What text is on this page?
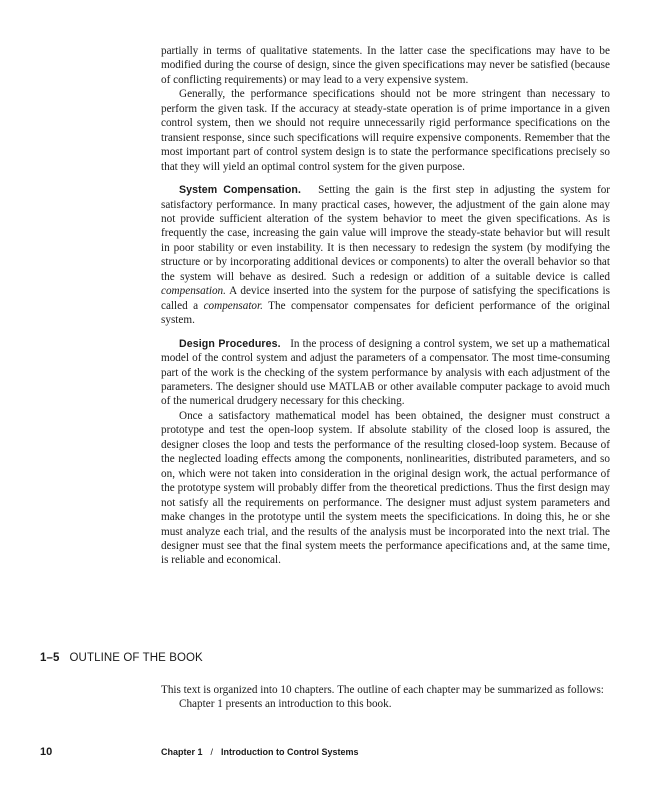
partially in terms of qualitative statements. In the latter case the specifications may have to be modified during the course of design, since the given specifications may never be satisfied (because of conflicting requirements) or may lead to a very expensive system.

Generally, the performance specifications should not be more stringent than necessary to perform the given task. If the accuracy at steady-state operation is of prime importance in a given control system, then we should not require unnecessarily rigid performance specifications on the transient response, since such specifications will require expensive components. Remember that the most important part of control system design is to state the performance specifications precisely so that they will yield an optimal control system for the given purpose.

System Compensation. Setting the gain is the first step in adjusting the system for satisfactory performance. In many practical cases, however, the adjustment of the gain alone may not provide sufficient alteration of the system behavior to meet the given specifications. As is frequently the case, increasing the gain value will improve the steady-state behavior but will result in poor stability or even instability. It is then necessary to redesign the system (by modifying the structure or by incorporating additional devices or components) to alter the overall behavior so that the system will behave as desired. Such a redesign or addition of a suitable device is called compensation. A device inserted into the system for the purpose of satisfying the specifications is called a compensator. The compensator compensates for deficient performance of the original system.

Design Procedures. In the process of designing a control system, we set up a mathematical model of the control system and adjust the parameters of a compensator. The most time-consuming part of the work is the checking of the system performance by analysis with each adjustment of the parameters. The designer should use MATLAB or other available computer package to avoid much of the numerical drudgery necessary for this checking.

Once a satisfactory mathematical model has been obtained, the designer must construct a prototype and test the open-loop system. If absolute stability of the closed loop is assured, the designer closes the loop and tests the performance of the resulting closed-loop system. Because of the neglected loading effects among the components, nonlinearities, distributed parameters, and so on, which were not taken into consideration in the original design work, the actual performance of the prototype system will probably differ from the theoretical predictions. Thus the first design may not satisfy all the requirements on performance. The designer must adjust system parameters and make changes in the prototype until the system meets the specificications. In doing this, he or she must analyze each trial, and the results of the analysis must be incorporated into the next trial. The designer must see that the final system meets the performance apecifications and, at the same time, is reliable and economical.

1–5 OUTLINE OF THE BOOK

This text is organized into 10 chapters. The outline of each chapter may be summarized as follows:

Chapter 1 presents an introduction to this book.

10	Chapter 1 / Introduction to Control Systems
